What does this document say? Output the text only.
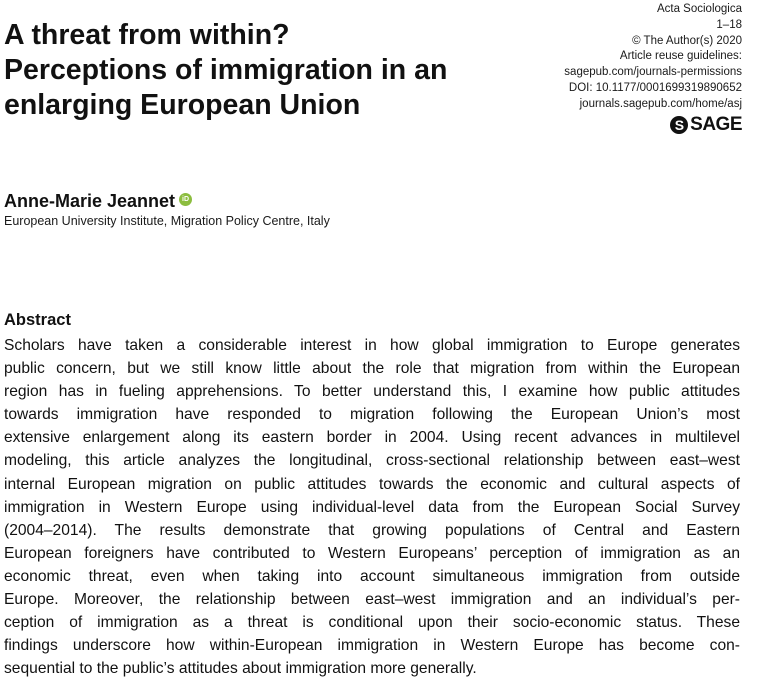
Acta Sociologica
1–18
© The Author(s) 2020
Article reuse guidelines:
sagepub.com/journals-permissions
DOI: 10.1177/0001699319890652
journals.sagepub.com/home/asj
S SAGE
A threat from within?
Perceptions of immigration in an
enlarging European Union
Anne-Marie Jeannet	iD
European University Institute, Migration Policy Centre, Italy
Abstract
Scholars have taken a considerable interest in how global immigration to Europe generates
public concern, but we still know little about the role that migration from within the European
region has in fueling apprehensions. To better understand this, I examine how public attitudes
towards immigration have responded to migration following the European Union’s most
extensive enlargement along its eastern border in 2004. Using recent advances in multilevel
modeling, this article analyzes the longitudinal, cross-sectional relationship between east–west
internal European migration on public attitudes towards the economic and cultural aspects of
immigration in Western Europe using individual-level data from the European Social Survey
(2004–2014). The results demonstrate that growing populations of Central and Eastern
European foreigners have contributed to Western Europeans’ perception of immigration as an
economic threat, even when taking into account simultaneous immigration from outside
Europe. Moreover, the relationship between east–west immigration and an individual’s per-
ception of immigration as a threat is conditional upon their socio-economic status. These
findings underscore how within-European immigration in Western Europe has become con-
sequential to the public’s attitudes about immigration more generally.
